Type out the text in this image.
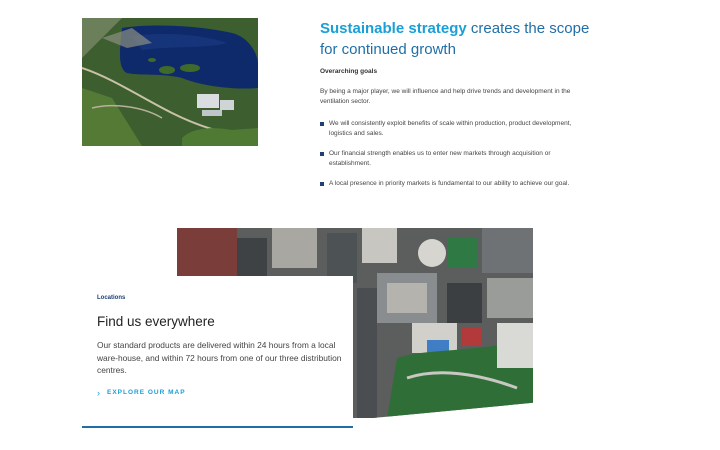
Sustainable strategy creates the scope for continued growth
Overarching goals
By being a major player, we will influence and help drive trends and development in the ventilation sector.
We will consistently exploit benefits of scale within production, product development, logistics and sales.
Our financial strength enables us to enter new markets through acquisition or establishment.
A local presence in priority markets is fundamental to our ability to achieve our goal.
Locations
Find us everywhere

Our standard products are delivered within 24 hours from a local ware-house, and within 72 hours from one of our three distribution centres.

› EXPLORE OUR MAP
